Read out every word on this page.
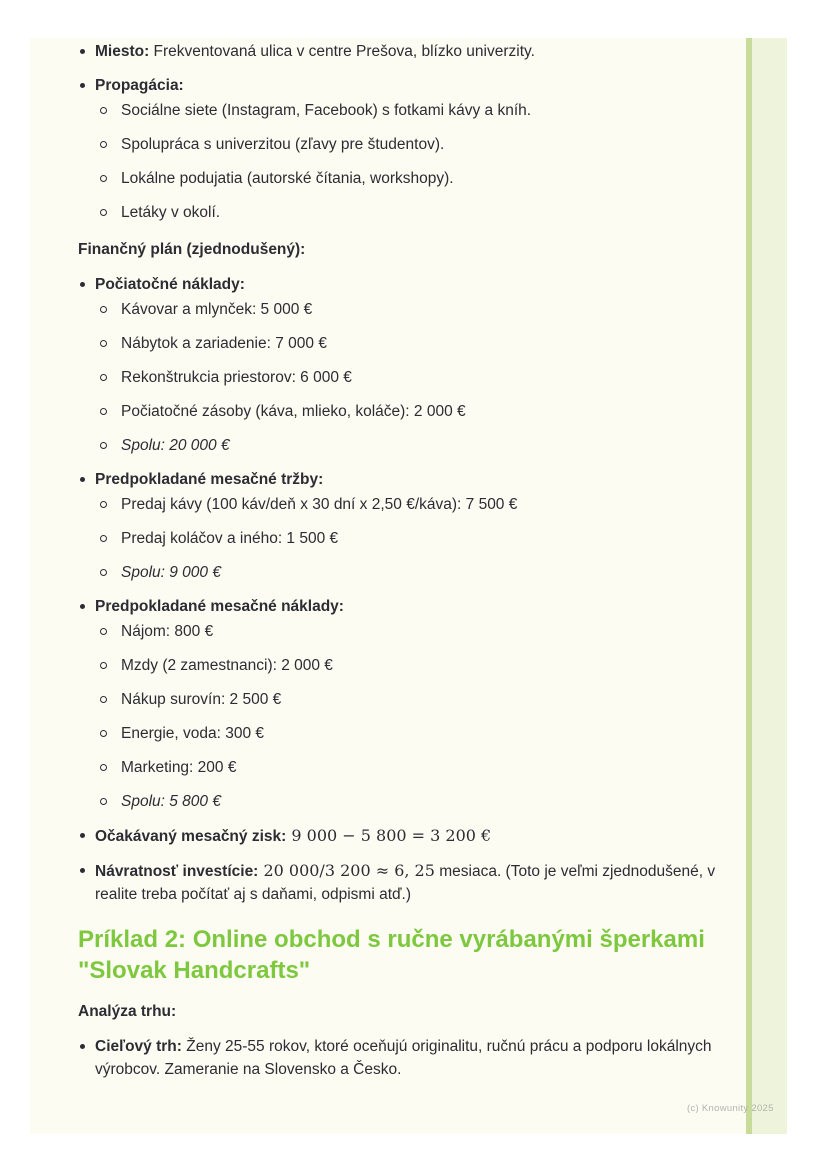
Miesto: Frekventovaná ulica v centre Prešova, blízko univerzity.
Propagácia:
Sociálne siete (Instagram, Facebook) s fotkami kávy a kníh.
Spolupráca s univerzitou (zľavy pre študentov).
Lokálne podujatia (autorské čítania, workshopy).
Letáky v okolí.

Finančný plán (zjednodušený):

Počiatočné náklady:
Kávovar a mlynček: 5 000 €
Nábytok a zariadenie: 7 000 €
Rekonštrukcia priestorov: 6 000 €
Počiatočné zásoby (káva, mlieko, koláče): 2 000 €
Spolu: 20 000 €
Predpokladané mesačné tržby:
Predaj kávy (100 káv/deň x 30 dní x 2,50 €/káva): 7 500 €
Predaj koláčov a iného: 1 500 €
Spolu: 9 000 €
Predpokladané mesačné náklady:
Nájom: 800 €
Mzdy (2 zamestnanci): 2 000 €
Nákup surovín: 2 500 €
Energie, voda: 300 €
Marketing: 200 €
Spolu: 5 800 €
Očakávaný mesačný zisk: 9 000 − 5 800 = 3 200 €
Návratnosť investície: 20 000/3 200 ≈ 6, 25 mesiaca. (Toto je veľmi zjednodušené, v realite treba počítať aj s daňami, odpismi atď.)
Príklad 2: Online obchod s ručne vyrábanými šperkami "Slovak Handcrafts"

Analýza trhu:

Cieľový trh: Ženy 25-55 rokov, ktoré oceňujú originalitu, ručnú prácu a podporu lokálnych výrobcov. Zameranie na Slovensko a Česko.
(c) Knowunity 2025
